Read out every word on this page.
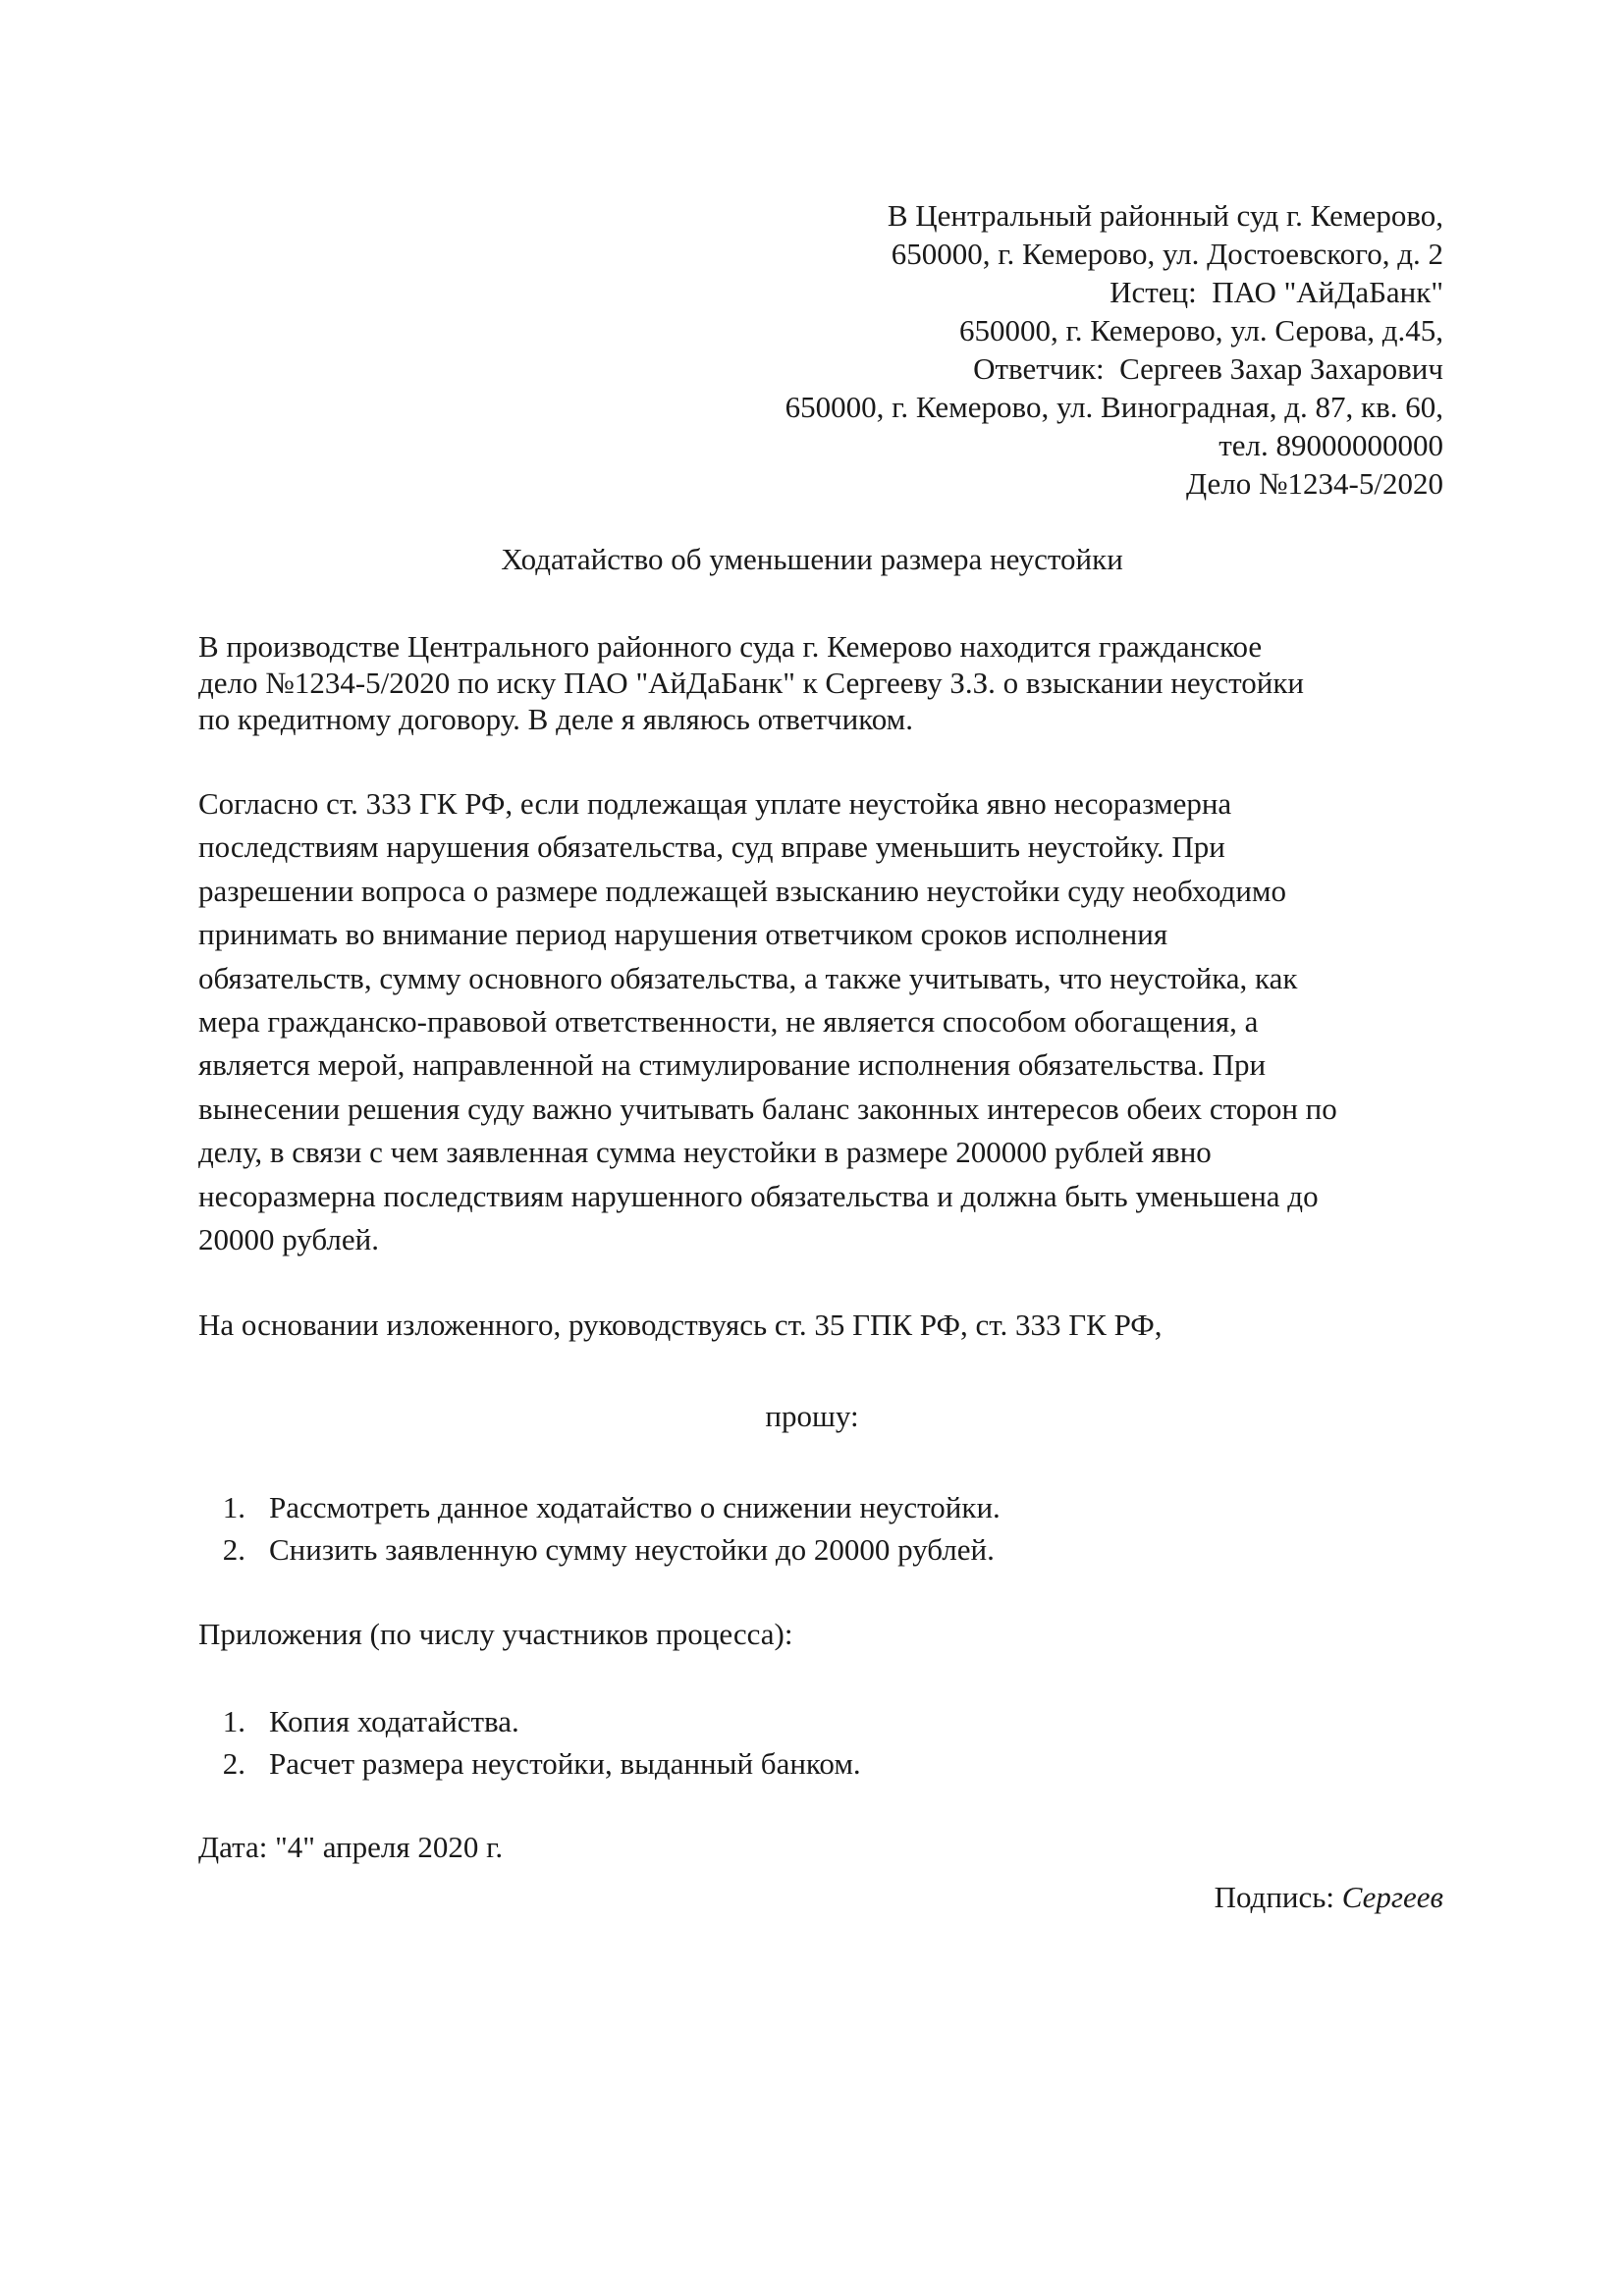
В Центральный районный суд г. Кемерово,
650000, г. Кемерово, ул. Достоевского, д. 2
Истец:  ПАО "АйДаБанк"
650000, г. Кемерово, ул. Серова, д.45,
Ответчик:  Сергеев Захар Захарович
650000, г. Кемерово, ул. Виноградная, д. 87, кв. 60,
тел. 89000000000
Дело №1234-5/2020
Ходатайство об уменьшении размера неустойки
В производстве Центрального районного суда г. Кемерово находится гражданское
дело №1234-5/2020 по иску ПАО "АйДаБанк" к Сергееву З.З. о взыскании неустойки
по кредитному договору. В деле я являюсь ответчиком.
Согласно ст. 333 ГК РФ, если подлежащая уплате неустойка явно несоразмерна
последствиям нарушения обязательства, суд вправе уменьшить неустойку. При
разрешении вопроса о размере подлежащей взысканию неустойки суду необходимо
принимать во внимание период нарушения ответчиком сроков исполнения
обязательств, сумму основного обязательства, а также учитывать, что неустойка, как
мера гражданско-правовой ответственности, не является способом обогащения, а
является мерой, направленной на стимулирование исполнения обязательства. При
вынесении решения суду важно учитывать баланс законных интересов обеих сторон по
делу, в связи с чем заявленная сумма неустойки в размере 200000 рублей явно
несоразмерна последствиям нарушенного обязательства и должна быть уменьшена до
20000 рублей.
На основании изложенного, руководствуясь ст. 35 ГПК РФ, ст. 333 ГК РФ,
прошу:
1. Рассмотреть данное ходатайство о снижении неустойки.
2. Снизить заявленную сумму неустойки до 20000 рублей.
Приложения (по числу участников процесса):
1. Копия ходатайства.
2. Расчет размера неустойки, выданный банком.
Дата: "4" апреля 2020 г.
Подпись: Сергеев
